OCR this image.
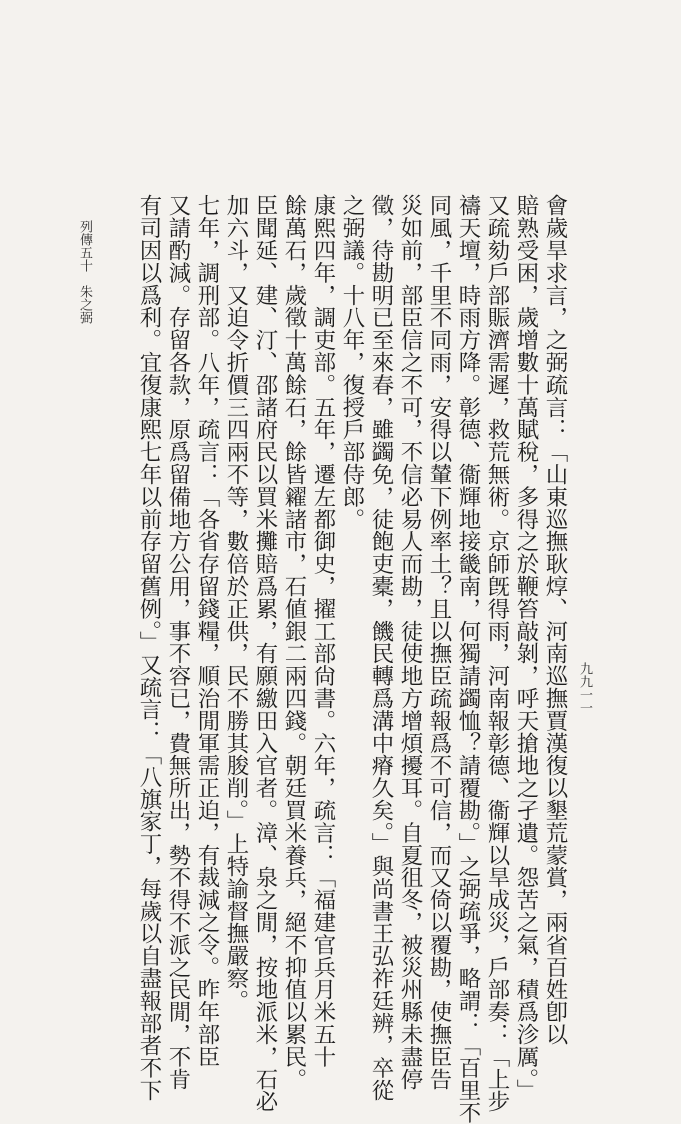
會歲旱求言，之弼疏言：「山東巡撫耿焞、河南巡撫賈漢復以墾荒蒙賞，兩省百姓卽以
賠熟受困，歲增數十萬賦稅，多得之於鞭笞敲剝，呼天搶地之孑遺。怨苦之氣，積爲沴厲。」
又疏劾戶部賑濟需遲，救荒無術。京師旣得雨，河南報彰德、衞輝以旱成災，戶部奏：「上步
禱天壇，時雨方降。彰德、衞輝地接畿南，何獨請蠲恤？請覆勘。」之弼疏爭，略謂：「百里不
同風，千里不同雨，安得以輦下例率土？且以撫臣疏報爲不可信，而又倚以覆勘，使撫臣告
災如前，部臣信之不可，不信必易人而勘，徒使地方增煩擾耳。自夏徂冬，被災州縣未盡停
徵，待勘明已至來春，雖蠲免，徒飽吏橐，饑民轉爲溝中瘠久矣。」與尚書王弘祚廷辨，卒從
之弼議。十八年，復授戶部侍郎。
康熙四年，調吏部。五年，遷左都御史，擢工部尙書。六年，疏言：「福建官兵月米五十
餘萬石，歲徵十萬餘石，餘皆糴諸市，石値銀二兩四錢。朝廷買米養兵，絕不抑值以累民。
臣聞延、建、汀、邵諸府民以買米攤賠爲累，有願繳田入官者。漳、泉之閒，按地派米，石必
加六斗，又迫令折價三四兩不等，數倍於正供，民不勝其朘削。」上特諭督撫嚴察。
七年，調刑部。八年，疏言：「各省存留錢糧，順治閒軍需正迫，有裁減之令。昨年部臣
又請酌減。存留各款，原爲留備地方公用，事不容已，費無所出，勢不得不派之民閒，不肯
有司因以爲利。宜復康熙七年以前存留舊例。」又疏言：「八旗家丁，每歲以自盡報部者不下
列傳五十　朱之弼
九九一一
